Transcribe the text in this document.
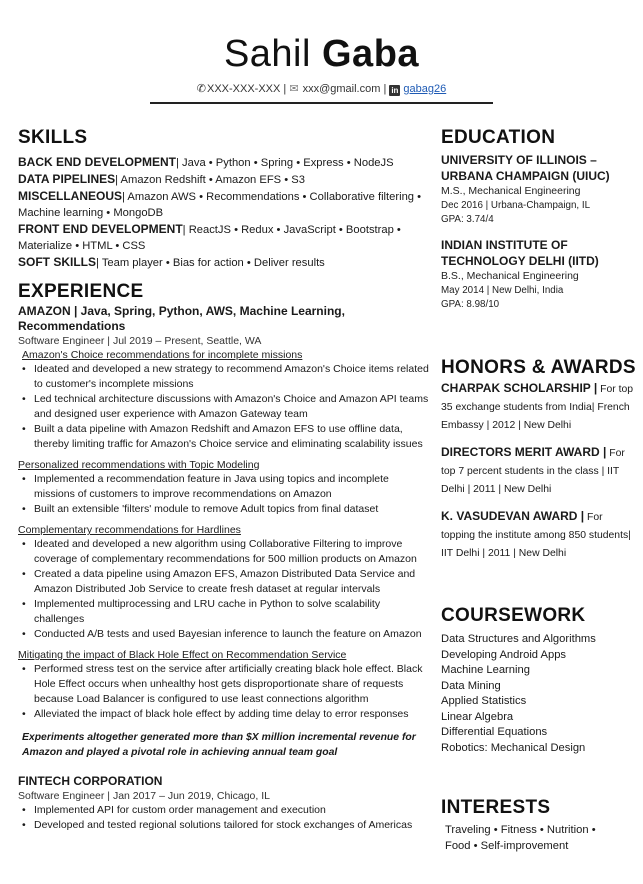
Sahil Gaba
✆XXX-XXX-XXX | ✉ xxx@gmail.com | in gabag26
SKILLS
BACK END DEVELOPMENT| Java • Python • Spring • Express • NodeJS
DATA PIPELINES| Amazon Redshift • Amazon EFS • S3
MISCELLANEOUS| Amazon AWS • Recommendations • Collaborative filtering • Machine learning • MongoDB
FRONT END DEVELOPMENT| ReactJS • Redux • JavaScript • Bootstrap • Materialize • HTML • CSS
SOFT SKILLS| Team player • Bias for action • Deliver results
EXPERIENCE
AMAZON | Java, Spring, Python, AWS, Machine Learning, Recommendations
Software Engineer | Jul 2019 – Present, Seattle, WA
Amazon's Choice recommendations for incomplete missions
• Ideated and developed a new strategy to recommend Amazon's Choice items related to customer's incomplete missions
• Led technical architecture discussions with Amazon's Choice and Amazon API teams and designed user experience with Amazon Gateway team
• Built a data pipeline with Amazon Redshift and Amazon EFS to use offline data, thereby limiting traffic for Amazon's Choice service and eliminating scalability issues
Personalized recommendations with Topic Modeling
• Implemented a recommendation feature in Java using topics and incomplete missions of customers to improve recommendations on Amazon
• Built an extensible 'filters' module to remove Adult topics from final dataset
Complementary recommendations for Hardlines
• Ideated and developed a new algorithm using Collaborative Filtering to improve coverage of complementary recommendations for 500 million products on Amazon
• Created a data pipeline using Amazon EFS, Amazon Distributed Data Service and Amazon Distributed Job Service to create fresh dataset at regular intervals
• Implemented multiprocessing and LRU cache in Python to solve scalability challenges
• Conducted A/B tests and used Bayesian inference to launch the feature on Amazon
Mitigating the impact of Black Hole Effect on Recommendation Service
• Performed stress test on the service after artificially creating black hole effect. Black Hole Effect occurs when unhealthy host gets disproportionate share of requests because Load Balancer is configured to use least connections algorithm
• Alleviated the impact of black hole effect by adding time delay to error responses
Experiments altogether generated more than $X million incremental revenue for Amazon and played a pivotal role in achieving annual team goal
FINTECH CORPORATION
Software Engineer | Jan 2017 – Jun 2019, Chicago, IL
• Implemented API for custom order management and execution
• Developed and tested regional solutions tailored for stock exchanges of Americas
EDUCATION
UNIVERSITY OF ILLINOIS – URBANA CHAMPAIGN (UIUC)
M.S., Mechanical Engineering
Dec 2016 | Urbana-Champaign, IL
GPA: 3.74/4
INDIAN INSTITUTE OF TECHNOLOGY DELHI (IITD)
B.S., Mechanical Engineering
May 2014 | New Delhi, India
GPA: 8.98/10
HONORS & AWARDS
CHARPAK SCHOLARSHIP | For top 35 exchange students from India| French Embassy | 2012 | New Delhi
DIRECTORS MERIT AWARD | For top 7 percent students in the class | IIT Delhi | 2011 | New Delhi
K. VASUDEVAN AWARD | For topping the institute among 850 students| IIT Delhi | 2011 | New Delhi
COURSEWORK
Data Structures and Algorithms
Developing Android Apps
Machine Learning
Data Mining
Applied Statistics
Linear Algebra
Differential Equations
Robotics: Mechanical Design
INTERESTS
Traveling • Fitness • Nutrition •
Food • Self-improvement
